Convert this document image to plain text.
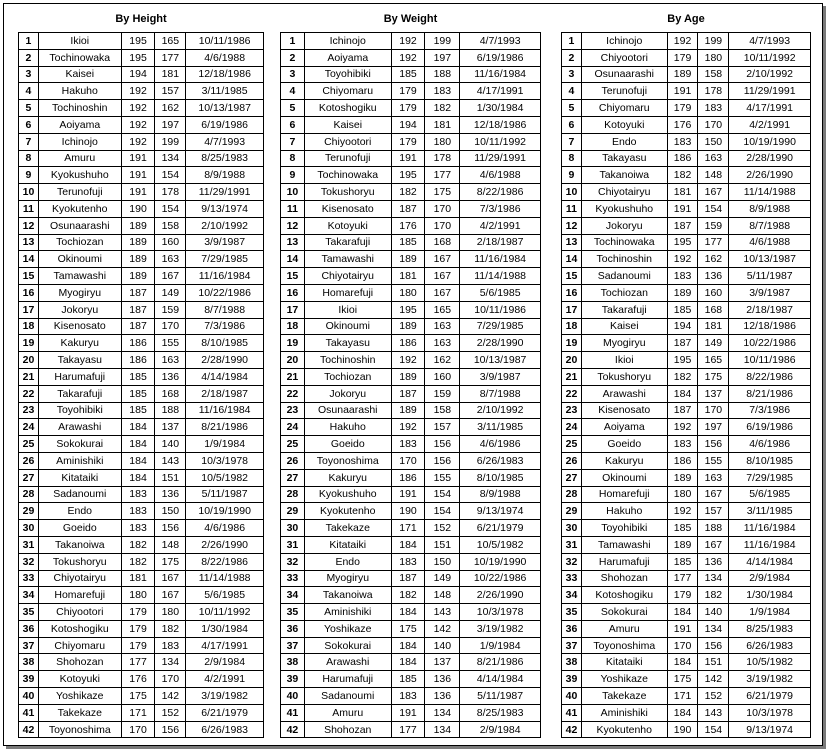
By Height
1	Ikioi	195	165	10/11/1986
2	Tochinowaka	195	177	4/6/1988
3	Kaisei	194	181	12/18/1986
4	Hakuho	192	157	3/11/1985
5	Tochinoshin	192	162	10/13/1987
6	Aoiyama	192	197	6/19/1986
7	Ichinojo	192	199	4/7/1993
8	Amuru	191	134	8/25/1983
9	Kyokushuho	191	154	8/9/1988
10	Terunofuji	191	178	11/29/1991
11	Kyokutenho	190	154	9/13/1974
12	Osunaarashi	189	158	2/10/1992
13	Tochiozan	189	160	3/9/1987
14	Okinoumi	189	163	7/29/1985
15	Tamawashi	189	167	11/16/1984
16	Myogiryu	187	149	10/22/1986
17	Jokoryu	187	159	8/7/1988
18	Kisenosato	187	170	7/3/1986
19	Kakuryu	186	155	8/10/1985
20	Takayasu	186	163	2/28/1990
21	Harumafuji	185	136	4/14/1984
22	Takarafuji	185	168	2/18/1987
23	Toyohibiki	185	188	11/16/1984
24	Arawashi	184	137	8/21/1986
25	Sokokurai	184	140	1/9/1984
26	Aminishiki	184	143	10/3/1978
27	Kitataiki	184	151	10/5/1982
28	Sadanoumi	183	136	5/11/1987
29	Endo	183	150	10/19/1990
30	Goeido	183	156	4/6/1986
31	Takanoiwa	182	148	2/26/1990
32	Tokushoryu	182	175	8/22/1986
33	Chiyotairyu	181	167	11/14/1988
34	Homarefuji	180	167	5/6/1985
35	Chiyootori	179	180	10/11/1992
36	Kotoshogiku	179	182	1/30/1984
37	Chiyomaru	179	183	4/17/1991
38	Shohozan	177	134	2/9/1984
39	Kotoyuki	176	170	4/2/1991
40	Yoshikaze	175	142	3/19/1982
41	Takekaze	171	152	6/21/1979
42	Toyonoshima	170	156	6/26/1983
By Weight
1	Ichinojo	192	199	4/7/1993
2	Aoiyama	192	197	6/19/1986
3	Toyohibiki	185	188	11/16/1984
4	Chiyomaru	179	183	4/17/1991
5	Kotoshogiku	179	182	1/30/1984
6	Kaisei	194	181	12/18/1986
7	Chiyootori	179	180	10/11/1992
8	Terunofuji	191	178	11/29/1991
9	Tochinowaka	195	177	4/6/1988
10	Tokushoryu	182	175	8/22/1986
11	Kisenosato	187	170	7/3/1986
12	Kotoyuki	176	170	4/2/1991
13	Takarafuji	185	168	2/18/1987
14	Tamawashi	189	167	11/16/1984
15	Chiyotairyu	181	167	11/14/1988
16	Homarefuji	180	167	5/6/1985
17	Ikioi	195	165	10/11/1986
18	Okinoumi	189	163	7/29/1985
19	Takayasu	186	163	2/28/1990
20	Tochinoshin	192	162	10/13/1987
21	Tochiozan	189	160	3/9/1987
22	Jokoryu	187	159	8/7/1988
23	Osunaarashi	189	158	2/10/1992
24	Hakuho	192	157	3/11/1985
25	Goeido	183	156	4/6/1986
26	Toyonoshima	170	156	6/26/1983
27	Kakuryu	186	155	8/10/1985
28	Kyokushuho	191	154	8/9/1988
29	Kyokutenho	190	154	9/13/1974
30	Takekaze	171	152	6/21/1979
31	Kitataiki	184	151	10/5/1982
32	Endo	183	150	10/19/1990
33	Myogiryu	187	149	10/22/1986
34	Takanoiwa	182	148	2/26/1990
35	Aminishiki	184	143	10/3/1978
36	Yoshikaze	175	142	3/19/1982
37	Sokokurai	184	140	1/9/1984
38	Arawashi	184	137	8/21/1986
39	Harumafuji	185	136	4/14/1984
40	Sadanoumi	183	136	5/11/1987
41	Amuru	191	134	8/25/1983
42	Shohozan	177	134	2/9/1984
By Age
1	Ichinojo	192	199	4/7/1993
2	Chiyootori	179	180	10/11/1992
3	Osunaarashi	189	158	2/10/1992
4	Terunofuji	191	178	11/29/1991
5	Chiyomaru	179	183	4/17/1991
6	Kotoyuki	176	170	4/2/1991
7	Endo	183	150	10/19/1990
8	Takayasu	186	163	2/28/1990
9	Takanoiwa	182	148	2/26/1990
10	Chiyotairyu	181	167	11/14/1988
11	Kyokushuho	191	154	8/9/1988
12	Jokoryu	187	159	8/7/1988
13	Tochinowaka	195	177	4/6/1988
14	Tochinoshin	192	162	10/13/1987
15	Sadanoumi	183	136	5/11/1987
16	Tochiozan	189	160	3/9/1987
17	Takarafuji	185	168	2/18/1987
18	Kaisei	194	181	12/18/1986
19	Myogiryu	187	149	10/22/1986
20	Ikioi	195	165	10/11/1986
21	Tokushoryu	182	175	8/22/1986
22	Arawashi	184	137	8/21/1986
23	Kisenosato	187	170	7/3/1986
24	Aoiyama	192	197	6/19/1986
25	Goeido	183	156	4/6/1986
26	Kakuryu	186	155	8/10/1985
27	Okinoumi	189	163	7/29/1985
28	Homarefuji	180	167	5/6/1985
29	Hakuho	192	157	3/11/1985
30	Toyohibiki	185	188	11/16/1984
31	Tamawashi	189	167	11/16/1984
32	Harumafuji	185	136	4/14/1984
33	Shohozan	177	134	2/9/1984
34	Kotoshogiku	179	182	1/30/1984
35	Sokokurai	184	140	1/9/1984
36	Amuru	191	134	8/25/1983
37	Toyonoshima	170	156	6/26/1983
38	Kitataiki	184	151	10/5/1982
39	Yoshikaze	175	142	3/19/1982
40	Takekaze	171	152	6/21/1979
41	Aminishiki	184	143	10/3/1978
42	Kyokutenho	190	154	9/13/1974
